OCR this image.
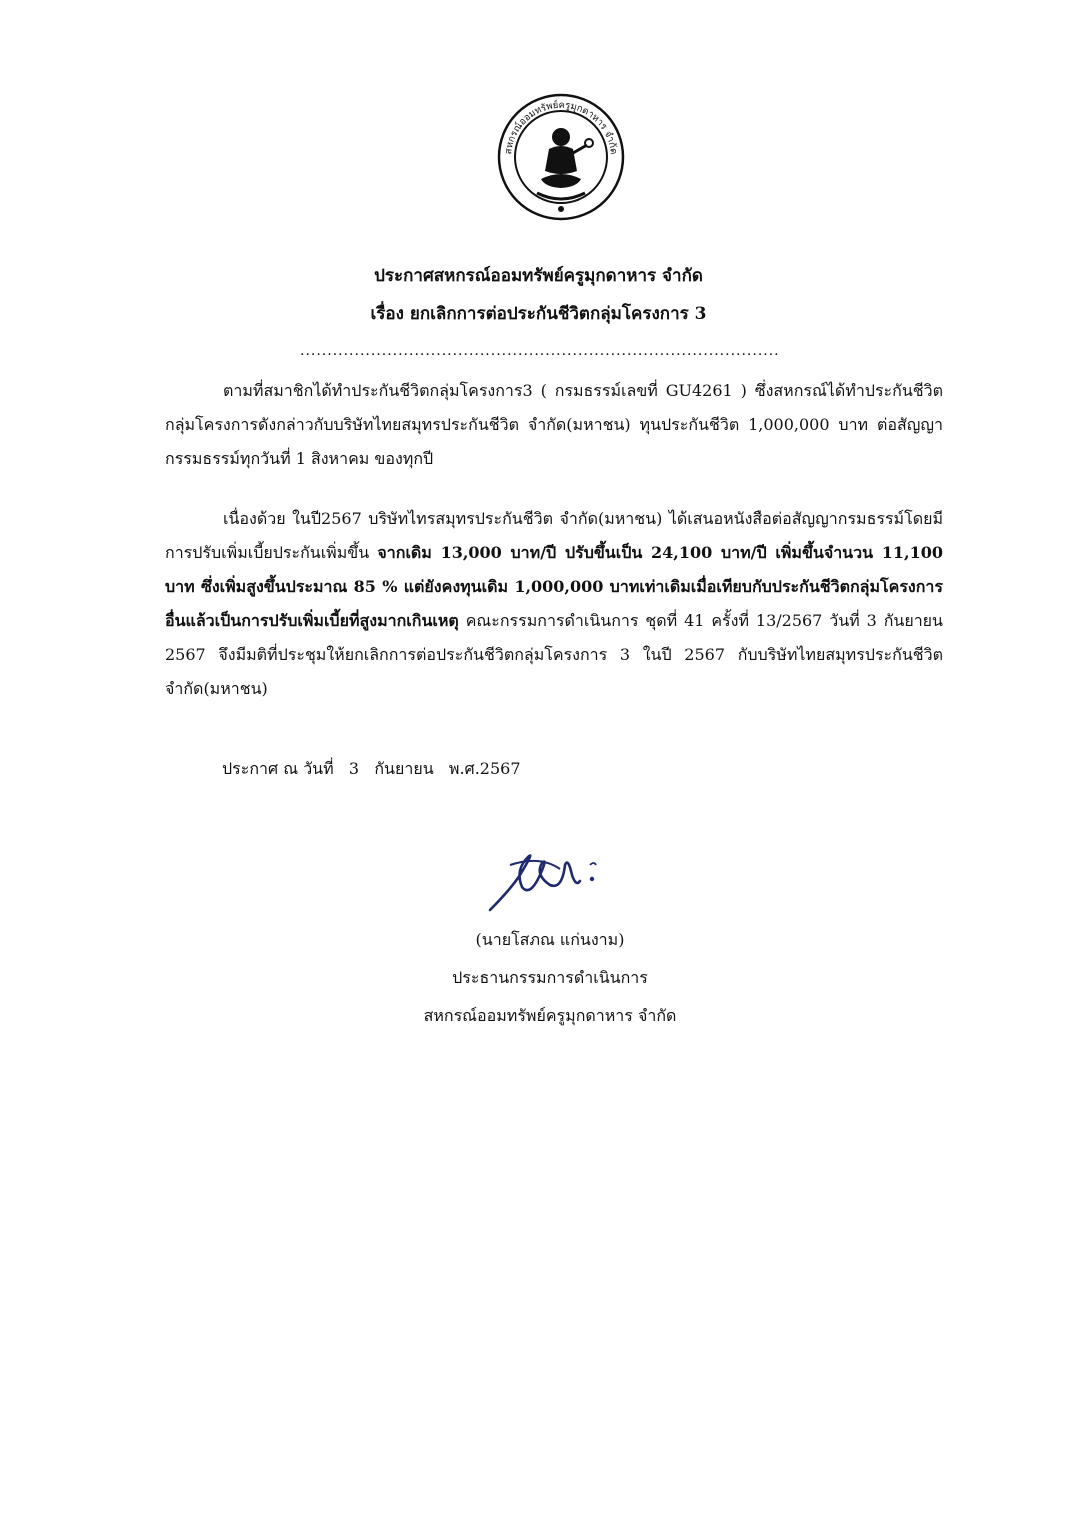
สหกรณ์ออมทรัพย์ครูมุกดาหาร จำกัด
ประกาศสหกรณ์ออมทรัพย์ครูมุกดาหาร จำกัด
เรื่อง ยกเลิกการต่อประกันชีวิตกลุ่มโครงการ 3
........................................................................................
ตามที่สมาชิกได้ทำประกันชีวิตกลุ่มโครงการ3 ( กรมธรรม์เลขที่ GU4261 ) ซึ่งสหกรณ์ได้ทำประกันชีวิตกลุ่มโครงการดังกล่าวกับบริษัทไทยสมุทรประกันชีวิต จำกัด(มหาชน) ทุนประกันชีวิต 1,000,000 บาท ต่อสัญญากรรมธรรม์ทุกวันที่ 1 สิงหาคม ของทุกปี
เนื่องด้วย ในปี2567 บริษัทไทรสมุทรประกันชีวิต จำกัด(มหาชน) ได้เสนอหนังสือต่อสัญญากรมธรรม์โดยมีการปรับเพิ่มเบี้ยประกันเพิ่มขึ้น จากเดิม 13,000 บาท/ปี ปรับขึ้นเป็น 24,100 บาท/ปี เพิ่มขึ้นจำนวน 11,100 บาท ซึ่งเพิ่มสูงขึ้นประมาณ 85 % แต่ยังคงทุนเดิม 1,000,000 บาทเท่าเดิมเมื่อเทียบกับประกันชีวิตกลุ่มโครงการอื่นแล้วเป็นการปรับเพิ่มเบี้ยที่สูงมากเกินเหตุ คณะกรรมการดำเนินการ ชุดที่ 41 ครั้งที่ 13/2567 วันที่ 3 กันยายน 2567 จึงมีมติที่ประชุมให้ยกเลิกการต่อประกันชีวิตกลุ่มโครงการ 3 ในปี 2567 กับบริษัทไทยสมุทรประกันชีวิต จำกัด(มหาชน)
ประกาศ ณ วันที่   3   กันยายน   พ.ศ.2567
(นายโสภณ แก่นงาม)
ประธานกรรมการดำเนินการ
สหกรณ์ออมทรัพย์ครูมุกดาหาร จำกัด
